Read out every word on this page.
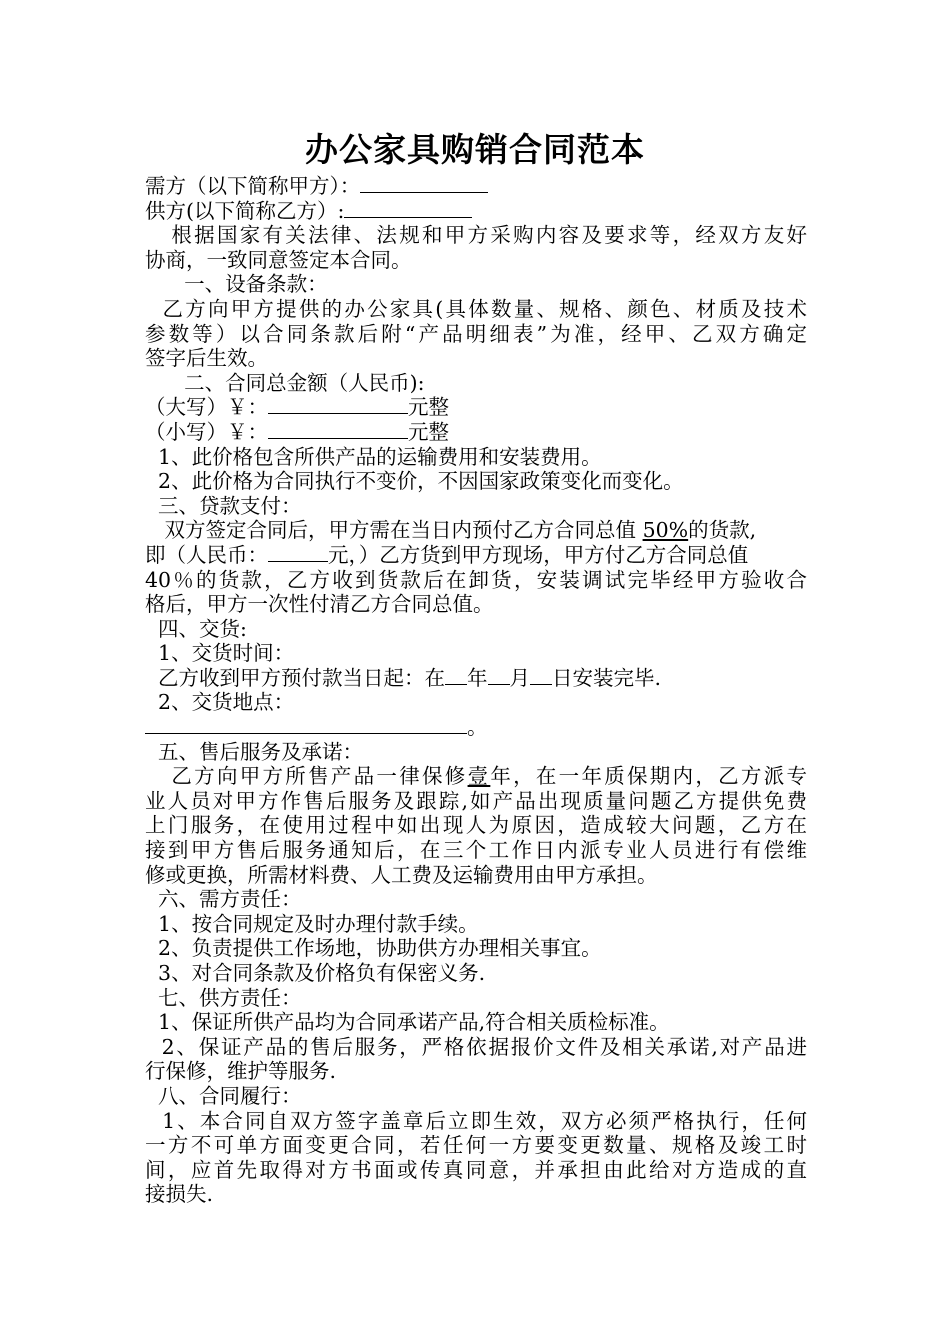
办公家具购销合同范本
需方（以下简称甲方）：
供方(以下简称乙方）:
根据国家有关法律、法规和甲方采购内容及要求等，经双方友好
协商，一致同意签定本合同。
一、设备条款：
乙方向甲方提供的办公家具(具体数量、规格、颜色、材质及技术
参数等）以合同条款后附“产品明细表”为准，经甲、乙双方确定
签字后生效。
二、合同总金额（人民币):
（大写）￥：	元整
（小写）￥：	元整
1、此价格包含所供产品的运输费用和安装费用。
2、此价格为合同执行不变价，不因国家政策变化而变化。
三、贷款支付：
双方签定合同后，甲方需在当日内预付乙方合同总值 50%的货款,
即（人民币：	元，）乙方货到甲方现场，甲方付乙方合同总值
40％的货款，乙方收到货款后在卸货，安装调试完毕经甲方验收合
格后，甲方一次性付清乙方合同总值。
四、交货:
1、交货时间：
乙方收到甲方预付款当日起：在 年 月 日安装完毕.
2、交货地点：
。
五、售后服务及承诺：
乙方向甲方所售产品一律保修壹年，在一年质保期内，乙方派专
业人员对甲方作售后服务及跟踪,如产品出现质量问题乙方提供免费
上门服务，在使用过程中如出现人为原因，造成较大问题，乙方在
接到甲方售后服务通知后，在三个工作日内派专业人员进行有偿维
修或更换，所需材料费、人工费及运输费用由甲方承担。
六、需方责任：
1、按合同规定及时办理付款手续。
2、负责提供工作场地，协助供方办理相关事宜。
3、对合同条款及价格负有保密义务.
七、供方责任：
1、保证所供产品均为合同承诺产品,符合相关质检标准。
2、保证产品的售后服务，严格依据报价文件及相关承诺,对产品进
行保修，维护等服务.
八、合同履行：
1、本合同自双方签字盖章后立即生效，双方必须严格执行，任何
一方不可单方面变更合同，若任何一方要变更数量、规格及竣工时
间，应首先取得对方书面或传真同意，并承担由此给对方造成的直
接损失.
